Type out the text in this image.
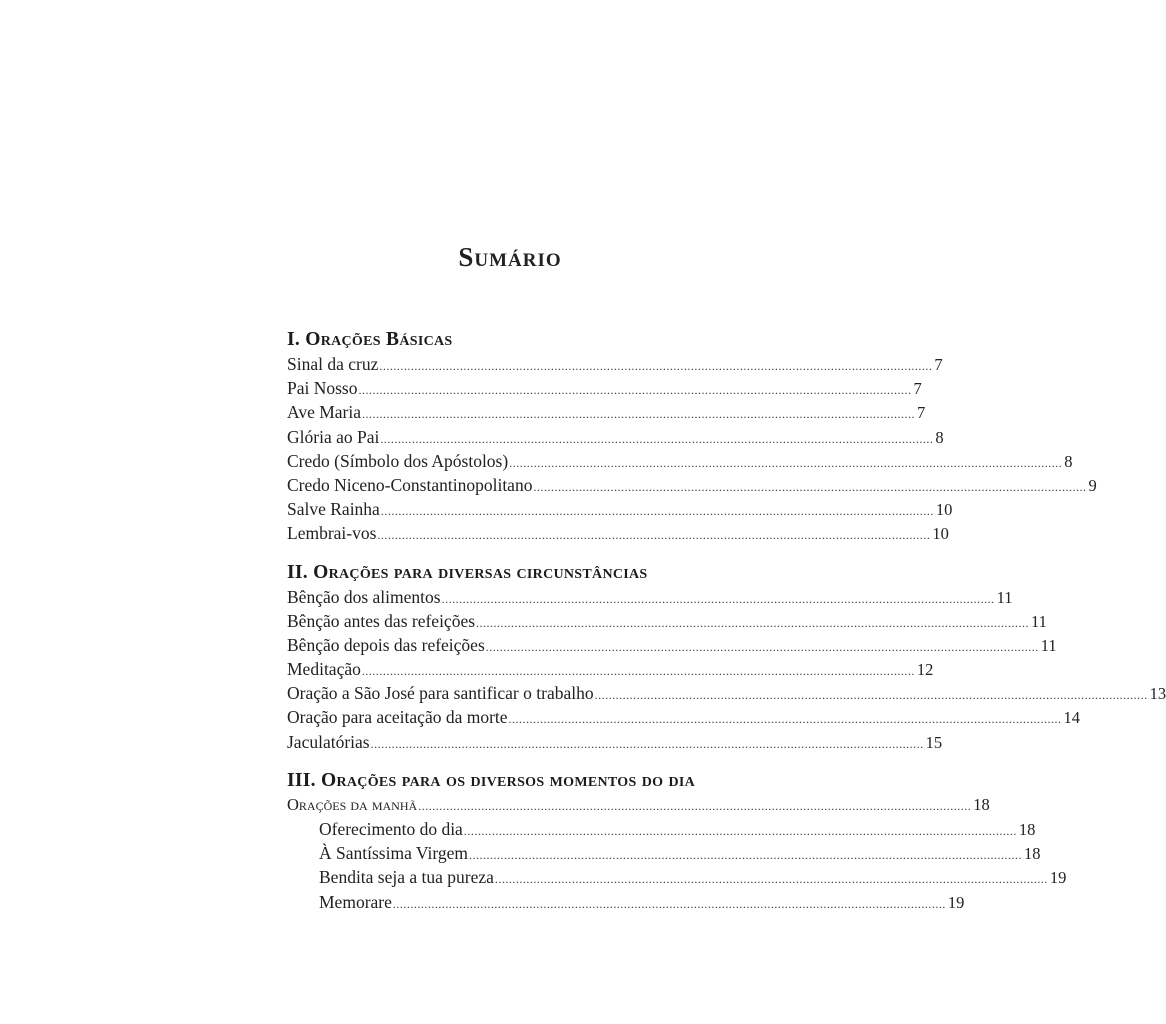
Sumário
I. Orações Básicas
Sinal da cruz .............................................................................................................................................................. 7
Pai Nosso .............................................................................................................................................................. 7
Ave Maria .............................................................................................................................................................. 7
Glória ao Pai .............................................................................................................................................................. 8
Credo (Símbolo dos Apóstolos) .............................................................................................................................................................. 8
Credo Niceno-Constantinopolitano .............................................................................................................................................................. 9
Salve Rainha .............................................................................................................................................................. 10
Lembrai-vos .............................................................................................................................................................. 10
II. Orações para diversas circunstâncias
Bênção dos alimentos .............................................................................................................................................................. 11
Bênção antes das refeições .............................................................................................................................................................. 11
Bênção depois das refeições .............................................................................................................................................................. 11
Meditação .............................................................................................................................................................. 12
Oração a São José para santificar o trabalho .............................................................................................................................................................. 13
Oração para aceitação da morte .............................................................................................................................................................. 14
Jaculatórias .............................................................................................................................................................. 15
III. Orações para os diversos momentos do dia
Orações da manhã .............................................................................................................................................................. 18
Oferecimento do dia .............................................................................................................................................................. 18
À Santíssima Virgem .............................................................................................................................................................. 18
Bendita seja a tua pureza .............................................................................................................................................................. 19
Memorare .............................................................................................................................................................. 19
